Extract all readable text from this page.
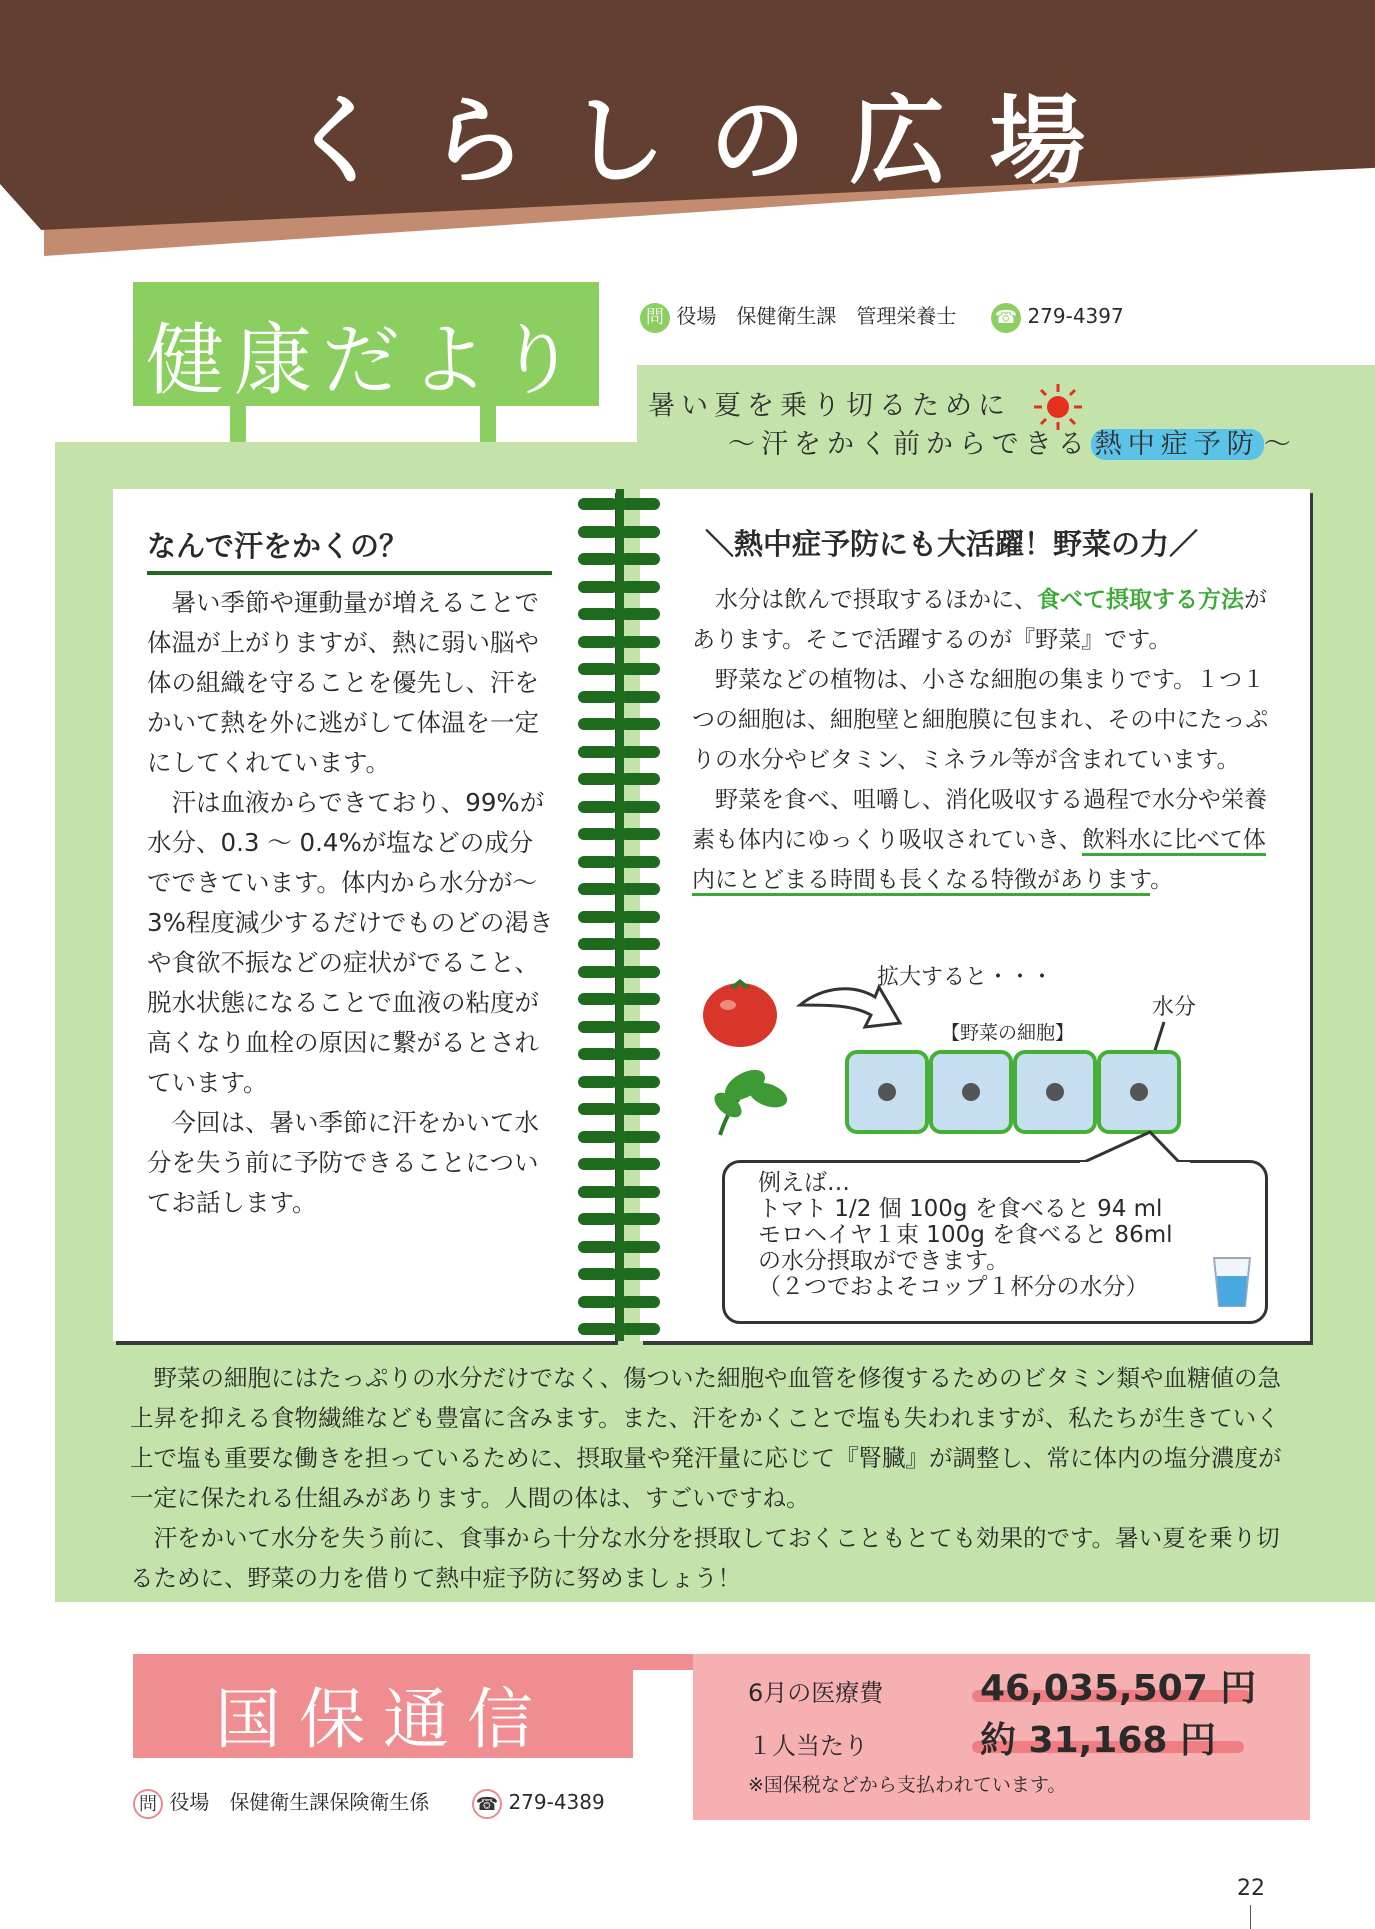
くらしの広場
健康だより	問 役場　保健衛生課　管理栄養士 ☎ 279-4397
暑い夏を乗り切るために
～汗をかく前からできる 熱中症予防 ～
なんで汗をかくの？

暑い季節や運動量が増えることで体温が上がりますが、熱に弱い脳や体の組織を守ることを優先し、汗をかいて熱を外に逃がして体温を一定にしてくれています。

汗は血液からできており、99%が水分、0.3 ～ 0.4%が塩などの成分でできています。体内から水分が～3%程度減少するだけでものどの渇きや食欲不振などの症状がでること、脱水状態になることで血液の粘度が高くなり血栓の原因に繋がるとされています。

今回は、暑い季節に汗をかいて水分を失う前に予防できることについてお話します。

＼熱中症予防にも大活躍！野菜の力／

水分は飲んで摂取するほかに、食べて摂取する方法があります。そこで活躍するのが『野菜』です。

野菜などの植物は、小さな細胞の集まりです。１つ１つの細胞は、細胞壁と細胞膜に包まれ、その中にたっぷりの水分やビタミン、ミネラル等が含まれています。

野菜を食べ、咀嚼し、消化吸収する過程で水分や栄養素も体内にゆっくり吸収されていき、飲料水に比べて体内にとどまる時間も長くなる特徴があります。

拡大すると・・・
【野菜の細胞】
水分
例えば…
トマト 1/2 個 100g を食べると 94 ml
モロヘイヤ１束 100g を食べると 86ml
の水分摂取ができます。
（２つでおよそコップ１杯分の水分）

野菜の細胞にはたっぷりの水分だけでなく、傷ついた細胞や血管を修復するためのビタミン類や血糖値の急上昇を抑える食物繊維なども豊富に含みます。また、汗をかくことで塩も失われますが、私たちが生きていく上で塩も重要な働きを担っているために、摂取量や発汗量に応じて『腎臓』が調整し、常に体内の塩分濃度が一定に保たれる仕組みがあります。人間の体は、すごいですね。

汗をかいて水分を失う前に、食事から十分な水分を摂取しておくこともとても効果的です。暑い夏を乗り切るために、野菜の力を借りて熱中症予防に努めましょう！

国保通信	6月の医療費	46,035,507 円
１人当たり	約 31,168 円
※国保税などから支払われています。
問 役場　保健衛生課保険衛生係	☎ 279-4389
22
